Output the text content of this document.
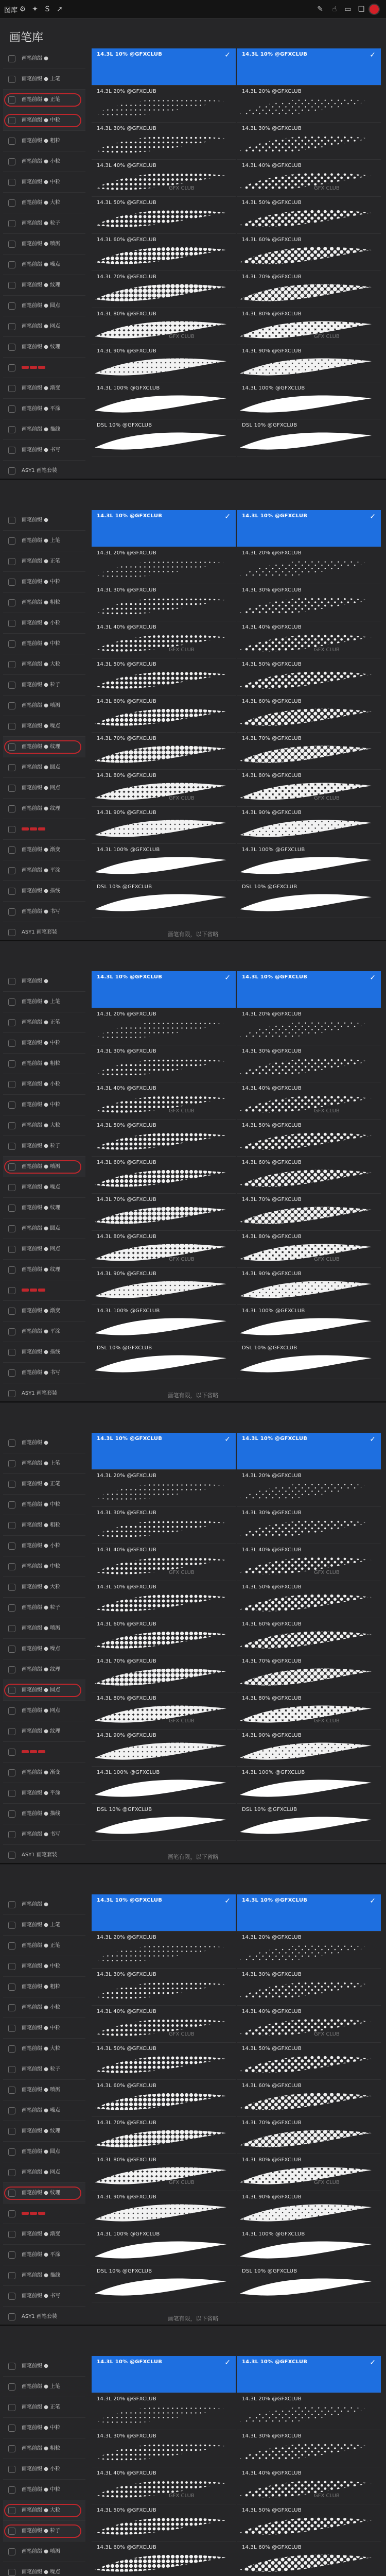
图库 ⚙ ✦ S ➚	✎	☝	▭ ❏
画笔库
画笔前缀 ●
画笔前缀 ● 上笔
画笔前缀 ● 正笔
画笔前缀 ● 中粒
画笔前缀 ● 粗粒
画笔前缀 ● 小粒
画笔前缀 ● 中粒
画笔前缀 ● 大粒
画笔前缀 ● 粒子
画笔前缀 ● 喷溅
画笔前缀 ● 噪点
画笔前缀 ● 纹理
画笔前缀 ● 圆点
画笔前缀 ● 网点
画笔前缀 ● 纹理
画笔前缀 ● 渐变
画笔前缀 ● 平涂
画笔前缀 ● 描线
画笔前缀 ● 书写
ASY1 画笔套装
14.3L 10% @GFXCLUB	✓
14.3L 20% @GFXCLUB
14.3L 30% @GFXCLUB
14.3L 40% @GFXCLUB
GFX CLUB
14.3L 50% @GFXCLUB
14.3L 60% @GFXCLUB
14.3L 70% @GFXCLUB
14.3L 80% @GFXCLUB
GFX CLUB
14.3L 90% @GFXCLUB
14.3L 100% @GFXCLUB
DSL 10% @GFXCLUB
14.3L 10% @GFXCLUB	✓
14.3L 20% @GFXCLUB
14.3L 30% @GFXCLUB
14.3L 40% @GFXCLUB
GFX CLUB
14.3L 50% @GFXCLUB
14.3L 60% @GFXCLUB
14.3L 70% @GFXCLUB
14.3L 80% @GFXCLUB
GFX CLUB
14.3L 90% @GFXCLUB
14.3L 100% @GFXCLUB
DSL 10% @GFXCLUB
画笔前缀 ●
画笔前缀 ● 上笔
画笔前缀 ● 正笔
画笔前缀 ● 中粒
画笔前缀 ● 粗粒
画笔前缀 ● 小粒
画笔前缀 ● 中粒
画笔前缀 ● 大粒
画笔前缀 ● 粒子
画笔前缀 ● 喷溅
画笔前缀 ● 噪点
画笔前缀 ● 纹理
画笔前缀 ● 圆点
画笔前缀 ● 网点
画笔前缀 ● 纹理
画笔前缀 ● 渐变
画笔前缀 ● 平涂
画笔前缀 ● 描线
画笔前缀 ● 书写
ASY1 画笔套装
14.3L 10% @GFXCLUB	✓
14.3L 20% @GFXCLUB
14.3L 30% @GFXCLUB
14.3L 40% @GFXCLUB
GFX CLUB
14.3L 50% @GFXCLUB
14.3L 60% @GFXCLUB
14.3L 70% @GFXCLUB
14.3L 80% @GFXCLUB
GFX CLUB
14.3L 90% @GFXCLUB
14.3L 100% @GFXCLUB
DSL 10% @GFXCLUB
14.3L 10% @GFXCLUB	✓
14.3L 20% @GFXCLUB
14.3L 30% @GFXCLUB
14.3L 40% @GFXCLUB
GFX CLUB
14.3L 50% @GFXCLUB
14.3L 60% @GFXCLUB
14.3L 70% @GFXCLUB
14.3L 80% @GFXCLUB
GFX CLUB
14.3L 90% @GFXCLUB
14.3L 100% @GFXCLUB
DSL 10% @GFXCLUB
画笔有限，以下省略
画笔前缀 ●
画笔前缀 ● 上笔
画笔前缀 ● 正笔
画笔前缀 ● 中粒
画笔前缀 ● 粗粒
画笔前缀 ● 小粒
画笔前缀 ● 中粒
画笔前缀 ● 大粒
画笔前缀 ● 粒子
画笔前缀 ● 喷溅
画笔前缀 ● 噪点
画笔前缀 ● 纹理
画笔前缀 ● 圆点
画笔前缀 ● 网点
画笔前缀 ● 纹理
画笔前缀 ● 渐变
画笔前缀 ● 平涂
画笔前缀 ● 描线
画笔前缀 ● 书写
ASY1 画笔套装
14.3L 10% @GFXCLUB	✓
14.3L 20% @GFXCLUB
14.3L 30% @GFXCLUB
14.3L 40% @GFXCLUB
GFX CLUB
14.3L 50% @GFXCLUB
14.3L 60% @GFXCLUB
14.3L 70% @GFXCLUB
14.3L 80% @GFXCLUB
GFX CLUB
14.3L 90% @GFXCLUB
14.3L 100% @GFXCLUB
DSL 10% @GFXCLUB
14.3L 10% @GFXCLUB	✓
14.3L 20% @GFXCLUB
14.3L 30% @GFXCLUB
14.3L 40% @GFXCLUB
GFX CLUB
14.3L 50% @GFXCLUB
14.3L 60% @GFXCLUB
14.3L 70% @GFXCLUB
14.3L 80% @GFXCLUB
GFX CLUB
14.3L 90% @GFXCLUB
14.3L 100% @GFXCLUB
DSL 10% @GFXCLUB
画笔有限，以下省略
画笔前缀 ●
画笔前缀 ● 上笔
画笔前缀 ● 正笔
画笔前缀 ● 中粒
画笔前缀 ● 粗粒
画笔前缀 ● 小粒
画笔前缀 ● 中粒
画笔前缀 ● 大粒
画笔前缀 ● 粒子
画笔前缀 ● 喷溅
画笔前缀 ● 噪点
画笔前缀 ● 纹理
画笔前缀 ● 圆点
画笔前缀 ● 网点
画笔前缀 ● 纹理
画笔前缀 ● 渐变
画笔前缀 ● 平涂
画笔前缀 ● 描线
画笔前缀 ● 书写
ASY1 画笔套装
14.3L 10% @GFXCLUB	✓
14.3L 20% @GFXCLUB
14.3L 30% @GFXCLUB
14.3L 40% @GFXCLUB
GFX CLUB
14.3L 50% @GFXCLUB
14.3L 60% @GFXCLUB
14.3L 70% @GFXCLUB
14.3L 80% @GFXCLUB
GFX CLUB
14.3L 90% @GFXCLUB
14.3L 100% @GFXCLUB
DSL 10% @GFXCLUB
14.3L 10% @GFXCLUB	✓
14.3L 20% @GFXCLUB
14.3L 30% @GFXCLUB
14.3L 40% @GFXCLUB
GFX CLUB
14.3L 50% @GFXCLUB
14.3L 60% @GFXCLUB
14.3L 70% @GFXCLUB
14.3L 80% @GFXCLUB
GFX CLUB
14.3L 90% @GFXCLUB
14.3L 100% @GFXCLUB
DSL 10% @GFXCLUB
画笔有限，以下省略
画笔前缀 ●
画笔前缀 ● 上笔
画笔前缀 ● 正笔
画笔前缀 ● 中粒
画笔前缀 ● 粗粒
画笔前缀 ● 小粒
画笔前缀 ● 中粒
画笔前缀 ● 大粒
画笔前缀 ● 粒子
画笔前缀 ● 喷溅
画笔前缀 ● 噪点
画笔前缀 ● 纹理
画笔前缀 ● 圆点
画笔前缀 ● 网点
画笔前缀 ● 纹理
画笔前缀 ● 渐变
画笔前缀 ● 平涂
画笔前缀 ● 描线
画笔前缀 ● 书写
ASY1 画笔套装
14.3L 10% @GFXCLUB	✓
14.3L 20% @GFXCLUB
14.3L 30% @GFXCLUB
14.3L 40% @GFXCLUB
GFX CLUB
14.3L 50% @GFXCLUB
14.3L 60% @GFXCLUB
14.3L 70% @GFXCLUB
14.3L 80% @GFXCLUB
GFX CLUB
14.3L 90% @GFXCLUB
14.3L 100% @GFXCLUB
DSL 10% @GFXCLUB
14.3L 10% @GFXCLUB	✓
14.3L 20% @GFXCLUB
14.3L 30% @GFXCLUB
14.3L 40% @GFXCLUB
GFX CLUB
14.3L 50% @GFXCLUB
14.3L 60% @GFXCLUB
14.3L 70% @GFXCLUB
14.3L 80% @GFXCLUB
GFX CLUB
14.3L 90% @GFXCLUB
14.3L 100% @GFXCLUB
DSL 10% @GFXCLUB
画笔有限，以下省略
画笔前缀 ●
画笔前缀 ● 上笔
画笔前缀 ● 正笔
画笔前缀 ● 中粒
画笔前缀 ● 粗粒
画笔前缀 ● 小粒
画笔前缀 ● 中粒
画笔前缀 ● 大粒
画笔前缀 ● 粒子
画笔前缀 ● 喷溅
画笔前缀 ● 噪点
14.3L 10% @GFXCLUB	✓
14.3L 20% @GFXCLUB
14.3L 30% @GFXCLUB
14.3L 40% @GFXCLUB
GFX CLUB
14.3L 50% @GFXCLUB
14.3L 60% @GFXCLUB
14.3L 10% @GFXCLUB	✓
14.3L 20% @GFXCLUB
14.3L 30% @GFXCLUB
14.3L 40% @GFXCLUB
GFX CLUB
14.3L 50% @GFXCLUB
14.3L 60% @GFXCLUB
